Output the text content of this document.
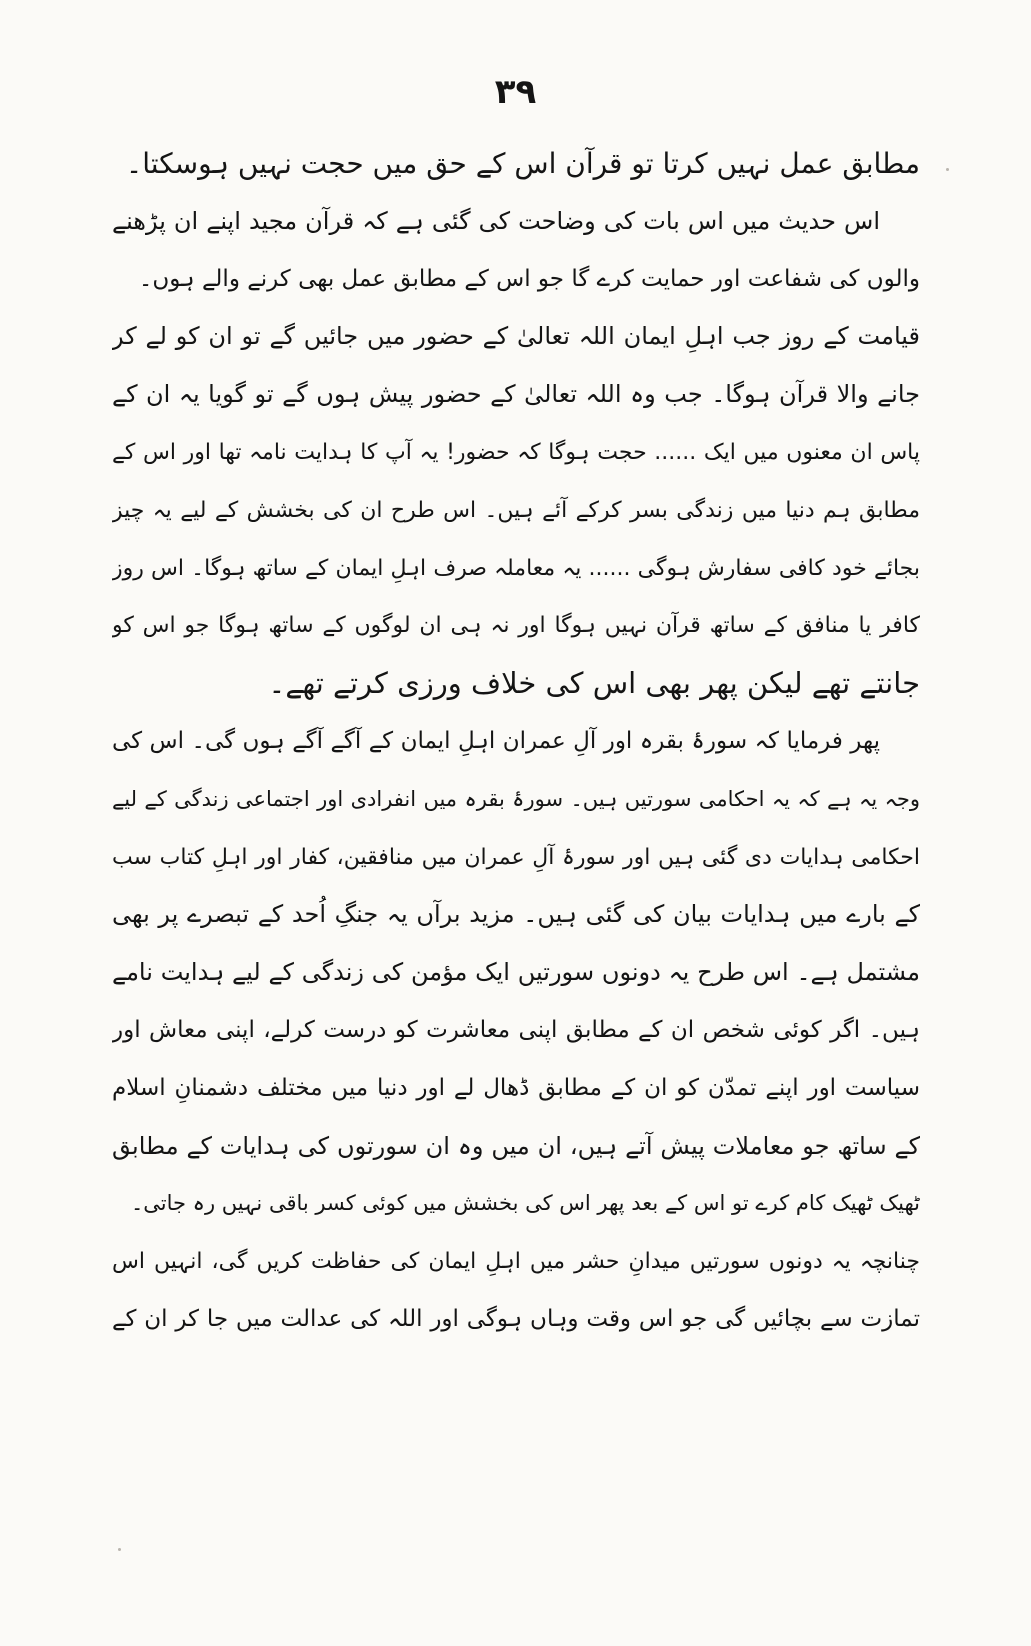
۳۹
مطابق عمل نہیں کرتا تو قرآن اس کے حق میں حجت نہیں ہوسکتا۔
اس حدیث میں اس بات کی وضاحت کی گئی ہے کہ قرآن مجید اپنے ان پڑھنے
والوں کی شفاعت اور حمایت کرے گا جو اس کے مطابق عمل بھی کرنے والے ہوں۔
قیامت کے روز جب اہلِ ایمان اللہ تعالیٰ کے حضور میں جائیں گے تو ان کو لے کر
جانے والا قرآن ہوگا۔ جب وہ اللہ تعالیٰ کے حضور پیش ہوں گے تو گویا یہ ان کے
پاس ان معنوں میں ایک ...... حجت ہوگا کہ حضور! یہ آپ کا ہدایت نامہ تھا اور اس کے
مطابق ہم دنیا میں زندگی بسر کرکے آئے ہیں۔ اس طرح ان کی بخشش کے لیے یہ چیز
بجائے خود کافی سفارش ہوگی ...... یہ معاملہ صرف اہلِ ایمان کے ساتھ ہوگا۔ اس روز
کافر یا منافق کے ساتھ قرآن نہیں ہوگا اور نہ ہی ان لوگوں کے ساتھ ہوگا جو اس کو
جانتے تھے لیکن پھر بھی اس کی خلاف ورزی کرتے تھے۔
پھر فرمایا کہ سورۂ بقرہ اور آلِ عمران اہلِ ایمان کے آگے آگے ہوں گی۔ اس کی
وجہ یہ ہے کہ یہ احکامی سورتیں ہیں۔ سورۂ بقرہ میں انفرادی اور اجتماعی زندگی کے لیے
احکامی ہدایات دی گئی ہیں اور سورۂ آلِ عمران میں منافقین، کفار اور اہلِ کتاب سب
کے بارے میں ہدایات بیان کی گئی ہیں۔ مزید برآں یہ جنگِ اُحد کے تبصرے پر بھی
مشتمل ہے۔ اس طرح یہ دونوں سورتیں ایک مؤمن کی زندگی کے لیے ہدایت نامے
ہیں۔ اگر کوئی شخص ان کے مطابق اپنی معاشرت کو درست کرلے، اپنی معاش اور
سیاست اور اپنے تمدّن کو ان کے مطابق ڈھال لے اور دنیا میں مختلف دشمنانِ اسلام
کے ساتھ جو معاملات پیش آتے ہیں، ان میں وہ ان سورتوں کی ہدایات کے مطابق
ٹھیک ٹھیک کام کرے تو اس کے بعد پھر اس کی بخشش میں کوئی کسر باقی نہیں رہ جاتی۔
چنانچہ یہ دونوں سورتیں میدانِ حشر میں اہلِ ایمان کی حفاظت کریں گی، انہیں اس
تمازت سے بچائیں گی جو اس وقت وہاں ہوگی اور اللہ کی عدالت میں جا کر ان کے
